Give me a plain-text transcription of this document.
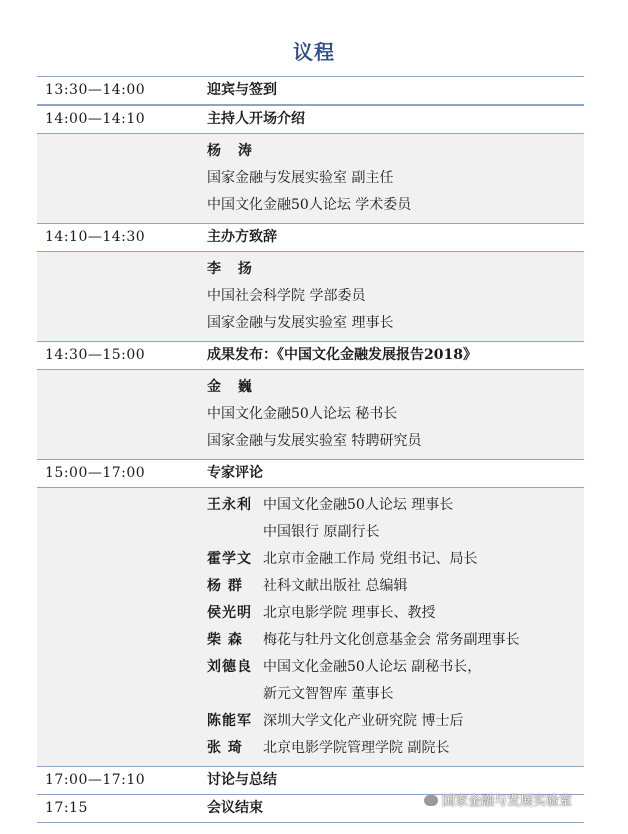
议程
13:30—14:00	迎宾与签到
14:00—14:10	主持人开场介绍
杨 涛
国家金融与发展实验室 副主任
中国文化金融50人论坛 学术委员
14:10—14:30	主办方致辞
李 扬
中国社会科学院 学部委员
国家金融与发展实验室 理事长
14:30—15:00	成果发布：《中国文化金融发展报告2018》
金 巍
中国文化金融50人论坛 秘书长
国家金融与发展实验室 特聘研究员
15:00—17:00	专家评论
王永利 中国文化金融50人论坛 理事长
中国银行 原副行长
霍学文 北京市金融工作局 党组书记、局长
杨 群 社科文献出版社 总编辑
侯光明 北京电影学院 理事长、教授
柴 森 梅花与牡丹文化创意基金会 常务副理事长
刘德良 中国文化金融50人论坛 副秘书长，
新元文智智库 董事长
陈能军 深圳大学文化产业研究院 博士后
张 琦 北京电影学院管理学院 副院长
17:00—17:10	讨论与总结
17:15	会议结束	国家金融与发展实验室
